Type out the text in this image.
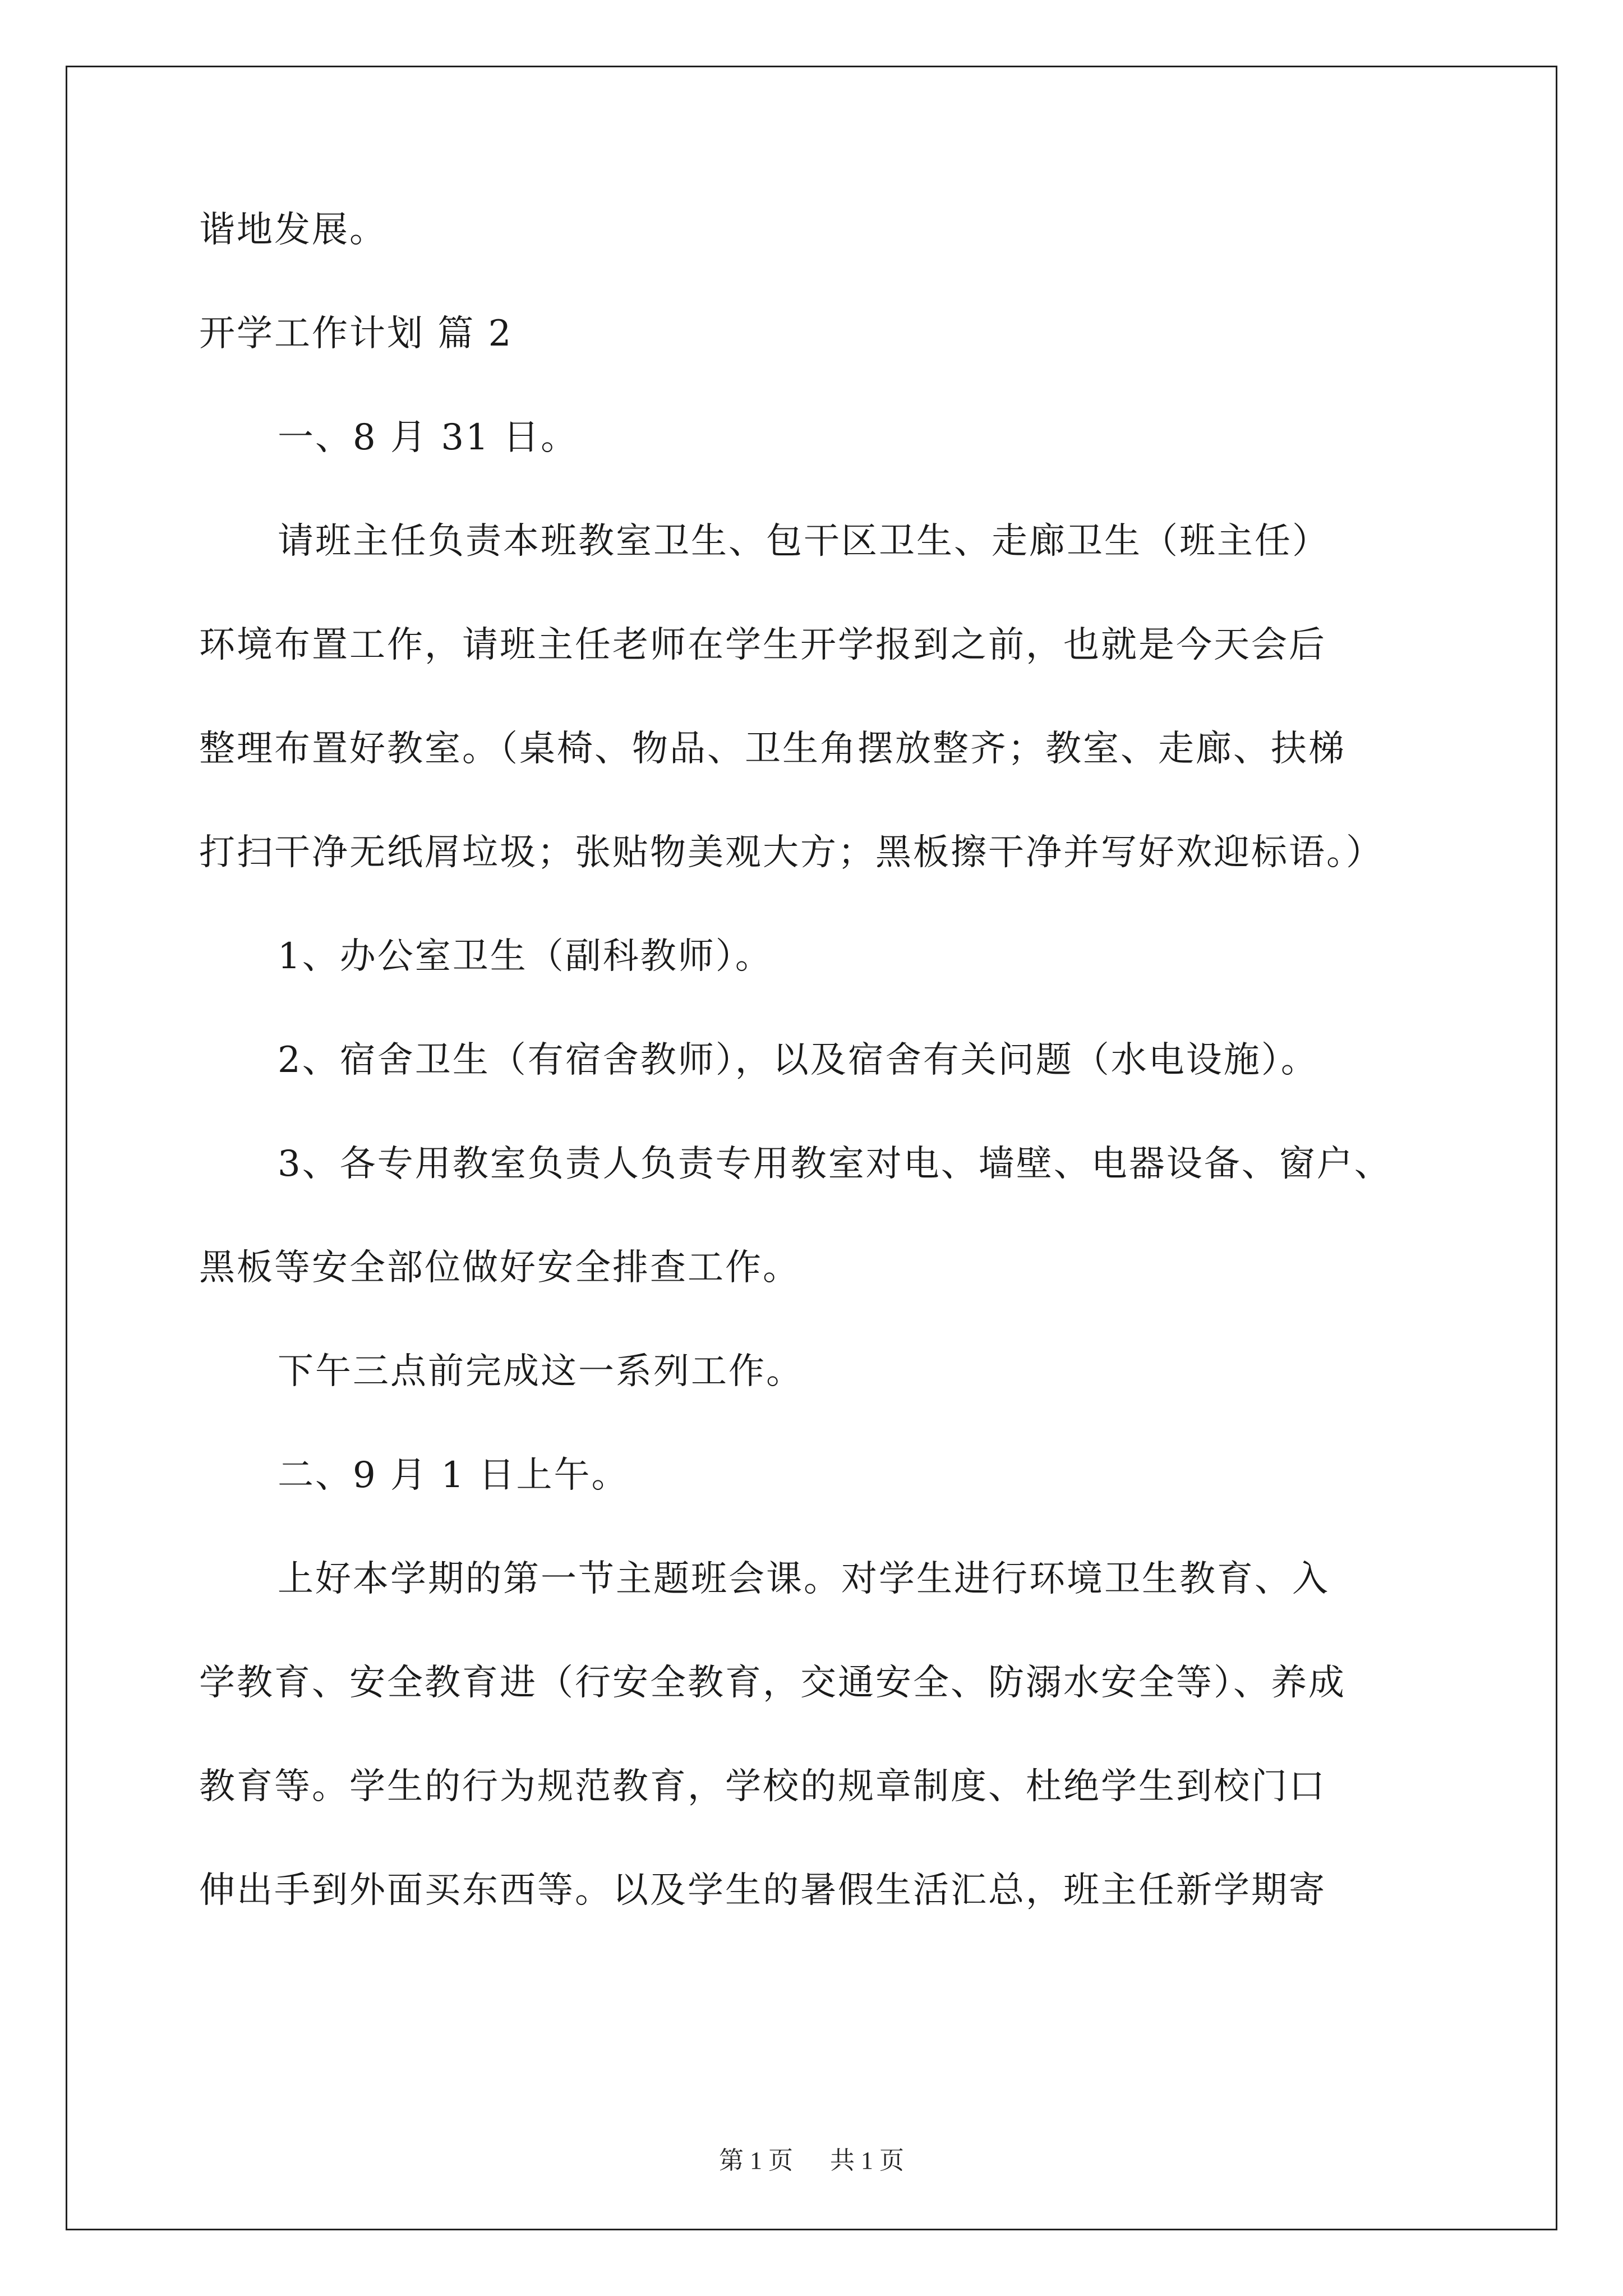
谐地发展。
开学工作计划 篇 2
一、8 月 31 日。
请班主任负责本班教室卫生、包干区卫生、走廊卫生（班主任）
环境布置工作，请班主任老师在学生开学报到之前，也就是今天会后
整理布置好教室。（桌椅、物品、卫生角摆放整齐；教室、走廊、扶梯
打扫干净无纸屑垃圾；张贴物美观大方；黑板擦干净并写好欢迎标语。）
1、办公室卫生（副科教师）。
2、宿舍卫生（有宿舍教师），以及宿舍有关问题（水电设施）。
3、各专用教室负责人负责专用教室对电、墙壁、电器设备、窗户、
黑板等安全部位做好安全排查工作。
下午三点前完成这一系列工作。
二、9 月 1 日上午。
上好本学期的第一节主题班会课。对学生进行环境卫生教育、入
学教育、安全教育进（行安全教育，交通安全、防溺水安全等）、养成
教育等。学生的行为规范教育，学校的规章制度、杜绝学生到校门口
伸出手到外面买东西等。以及学生的暑假生活汇总，班主任新学期寄
第 1 页 共 1 页
